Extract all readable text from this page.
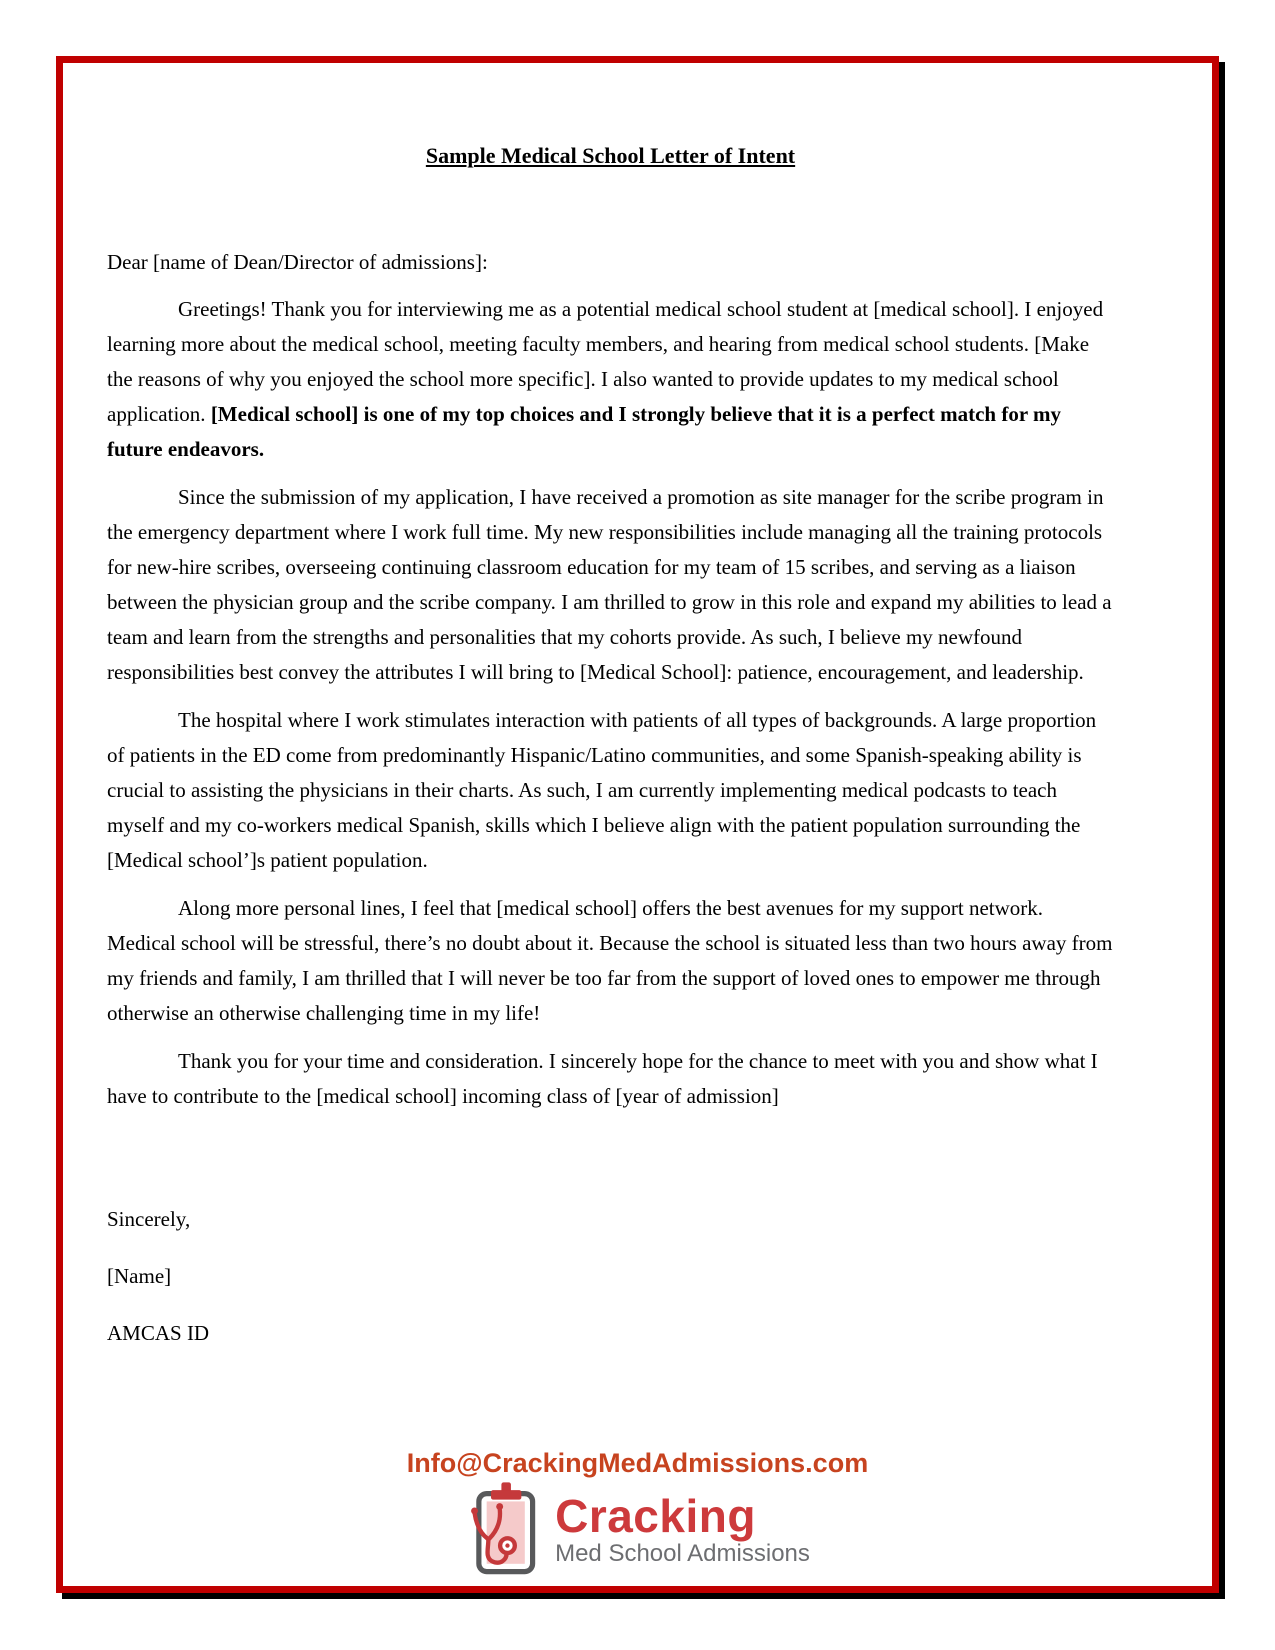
Sample Medical School Letter of Intent

Dear [name of Dean/Director of admissions]:

Greetings! Thank you for interviewing me as a potential medical school student at [medical school]. I enjoyed learning more about the medical school, meeting faculty members, and hearing from medical school students. [Make the reasons of why you enjoyed the school more specific]. I also wanted to provide updates to my medical school application. [Medical school] is one of my top choices and I strongly believe that it is a perfect match for my future endeavors.

Since the submission of my application, I have received a promotion as site manager for the scribe program in the emergency department where I work full time. My new responsibilities include managing all the training protocols for new-hire scribes, overseeing continuing classroom education for my team of 15 scribes, and serving as a liaison between the physician group and the scribe company. I am thrilled to grow in this role and expand my abilities to lead a team and learn from the strengths and personalities that my cohorts provide. As such, I believe my newfound responsibilities best convey the attributes I will bring to [Medical School]: patience, encouragement, and leadership.

The hospital where I work stimulates interaction with patients of all types of backgrounds. A large proportion of patients in the ED come from predominantly Hispanic/Latino communities, and some Spanish-speaking ability is crucial to assisting the physicians in their charts. As such, I am currently implementing medical podcasts to teach myself and my co-workers medical Spanish, skills which I believe align with the patient population surrounding the [Medical school’]s patient population.

Along more personal lines, I feel that [medical school] offers the best avenues for my support network. Medical school will be stressful, there’s no doubt about it. Because the school is situated less than two hours away from my friends and family, I am thrilled that I will never be too far from the support of loved ones to empower me through otherwise an otherwise challenging time in my life!

Thank you for your time and consideration. I sincerely hope for the chance to meet with you and show what I have to contribute to the [medical school] incoming class of [year of admission]

Sincerely,

[Name]

AMCAS ID

Info@CrackingMedAdmissions.com
Cracking
Med School Admissions
